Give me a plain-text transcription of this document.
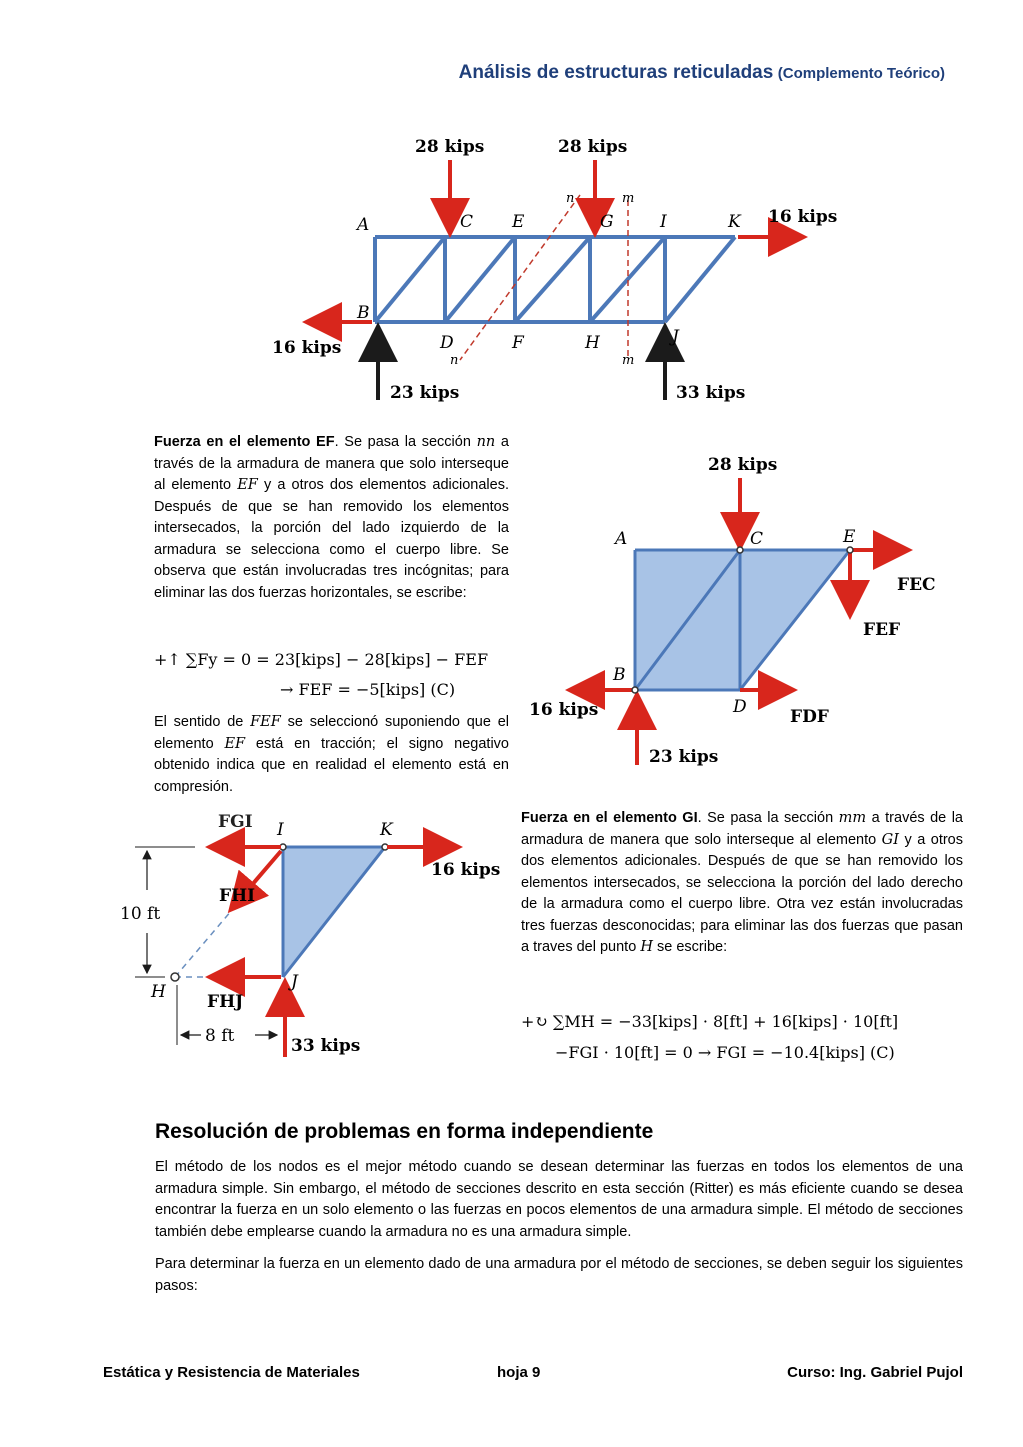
Análisis de estructuras reticuladas (Complemento Teórico)
28 kips	28 kips
16 kips
16 kips
23 kips	33 kips
A
B
C
D
E
F
G
H
I
J
K
n
n
m
m
Fuerza en el elemento EF. Se pasa la sección nn a través de la armadura de manera que solo interseque al elemento EF y a otros dos elementos adicionales. Después de que se han removido los elementos intersecados, la porción del lado izquierdo de la armadura se selecciona como el cuerpo libre. Se observa que están involucradas tres incógnitas; para eliminar las dos fuerzas horizontales, se escribe:
+↑ ∑Fy = 0 = 23[kips] − 28[kips] − FEF
→ FEF = −5[kips] (C)
El sentido de FEF se seleccionó suponiendo que el elemento EF está en tracción; el signo negativo obtenido indica que en realidad el elemento está en compresión.
28 kips
FEC
FEF
FDF
16 kips
23 kips
A
B
C
D
E
FGI
FHI
FHJ
16 kips
33 kips
10 ft
8 ft
H
I
J
K
Fuerza en el elemento GI. Se pasa la sección mm a través de la armadura de manera que solo interseque al elemento GI y a otros dos elementos adicionales. Después de que se han removido los elementos intersecados, se selecciona la porción del lado derecho de la armadura como el cuerpo libre. Otra vez están involucradas tres fuerzas desconocidas; para eliminar las dos fuerzas que pasan a traves del punto H se escribe:
+↻ ∑MH = −33[kips] · 8[ft] + 16[kips] · 10[ft]
−FGI · 10[ft] = 0 → FGI = −10.4[kips] (C)
Resolución de problemas en forma independiente
El método de los nodos es el mejor método cuando se desean determinar las fuerzas en todos los elementos de una armadura simple. Sin embargo, el método de secciones descrito en esta sección (Ritter) es más eficiente cuando se desea encontrar la fuerza en un solo elemento o las fuerzas en pocos elementos de una armadura simple. El método de secciones también debe emplearse cuando la armadura no es una armadura simple.
Para determinar la fuerza en un elemento dado de una armadura por el método de secciones, se deben seguir los siguientes pasos:
Estática y Resistencia de Materiales	hoja 9	Curso: Ing. Gabriel Pujol
